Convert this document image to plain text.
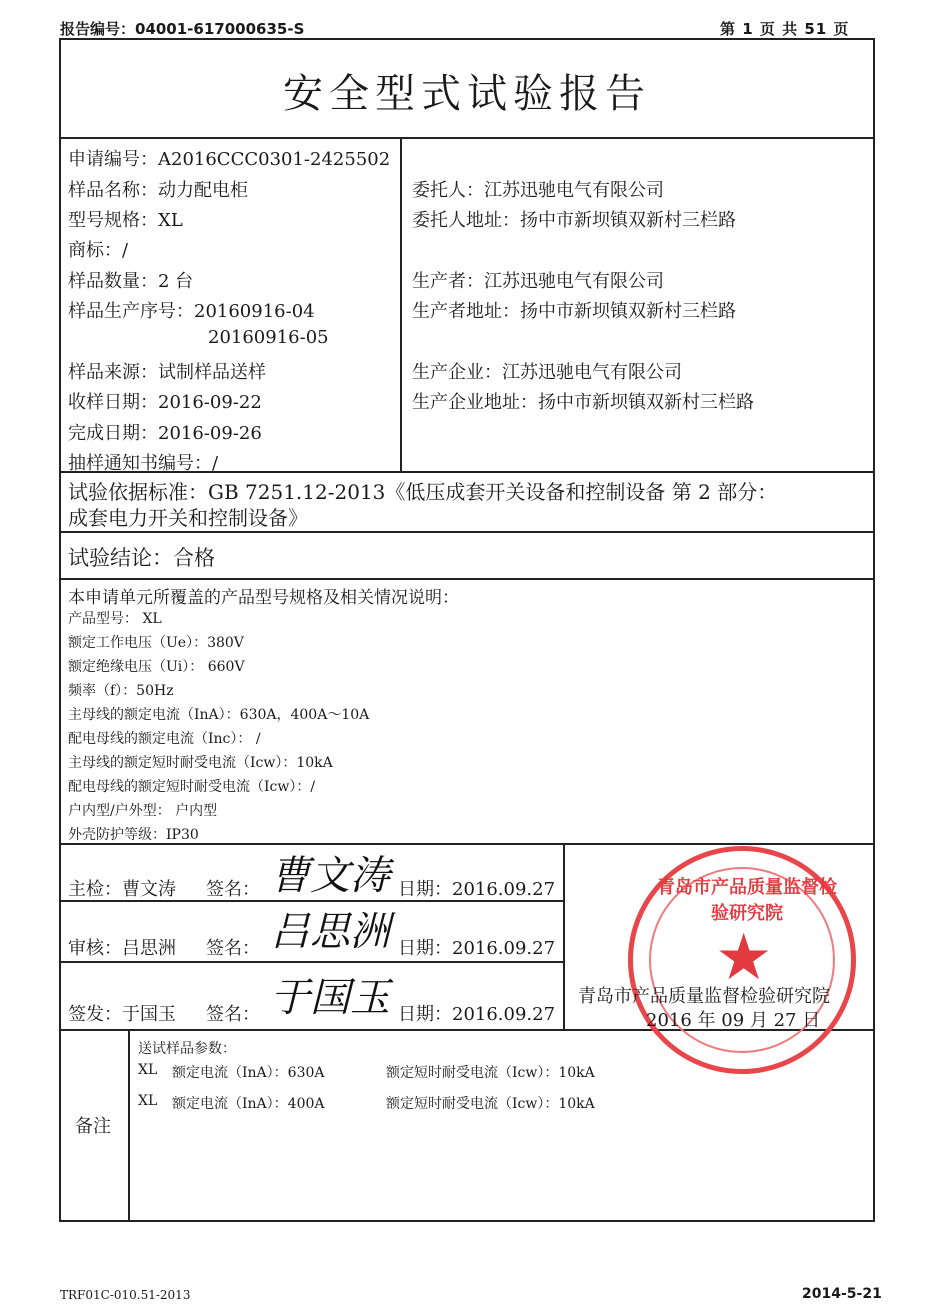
报告编号：04001-617000635-S	第 1 页 共 51 页
安全型式试验报告
申请编号：A2016CCC0301-2425502
样品名称：动力配电柜
型号规格：XL
商标：/
样品数量：2 台
样品生产序号：20160916-04
20160916-05
样品来源：试制样品送样
收样日期：2016-09-22
完成日期：2016-09-26
抽样通知书编号：/
委托人：江苏迅驰电气有限公司
委托人地址：扬中市新坝镇双新村三栏路
生产者：江苏迅驰电气有限公司
生产者地址：扬中市新坝镇双新村三栏路
生产企业：江苏迅驰电气有限公司
生产企业地址：扬中市新坝镇双新村三栏路
试验依据标准：GB 7251.12-2013《低压成套开关设备和控制设备 第 2 部分：
成套电力开关和控制设备》
试验结论：合格
本申请单元所覆盖的产品型号规格及相关情况说明：
产品型号： XL
额定工作电压（Ue）：380V
额定绝缘电压（Ui）： 660V
频率（f）：50Hz
主母线的额定电流（InA）：630A，400A～10A
配电母线的额定电流（Inc）： /
主母线的额定短时耐受电流（Icw）：10kA
配电母线的额定短时耐受电流（Icw）：/
户内型/户外型： 户内型
外壳防护等级：IP30
主检：曹文涛 签名： 曹文涛 日期：2016.09.27
审核：吕思洲 签名： 吕思洲 日期：2016.09.27
签发：于国玉 签名： 于国玉 日期：2016.09.27
青岛市产品质量监督检验研究院
★
青岛市产品质量监督检验研究院
2016 年 09 月 27 日
备注
送试样品参数：
XL 额定电流（InA）：630A	额定短时耐受电流（Icw）：10kA
XL 额定电流（InA）：400A	额定短时耐受电流（Icw）：10kA
TRF01C-010.51-2013	2014-5-21
